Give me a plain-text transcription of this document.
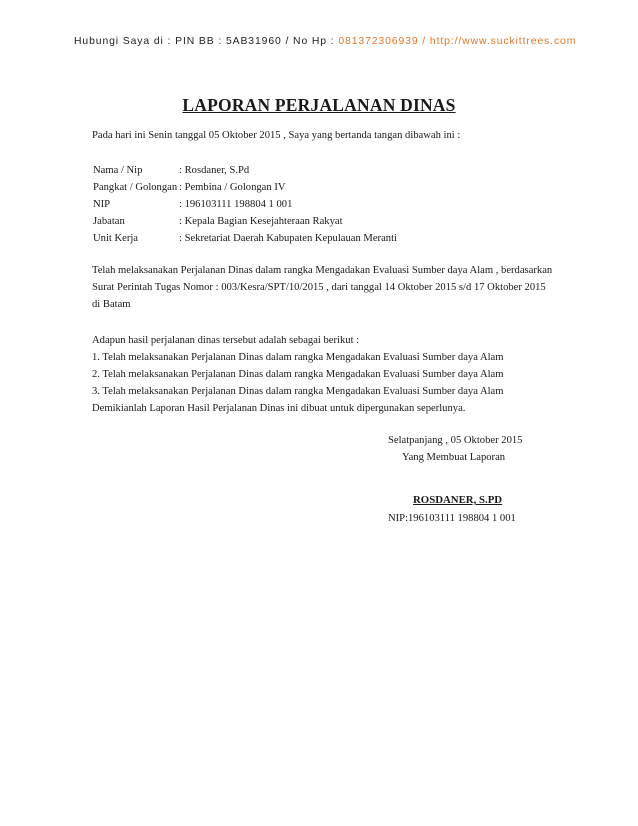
Hubungi Saya di : PIN BB : 5AB31960 / No Hp : 081372306939 / http://www.suckittrees.com
LAPORAN PERJALANAN DINAS
Pada hari ini Senin tanggal 05 Oktober 2015 , Saya yang bertanda tangan dibawah ini :
Nama / Nip	: Rosdaner, S.Pd
Pangkat / Golongan	: Pembina / Golongan IV
NIP	: 196103111 198804 1 001
Jabatan	: Kepala Bagian Kesejahteraan Rakyat
Unit Kerja	: Sekretariat Daerah Kabupaten Kepulauan Meranti
Telah melaksanakan Perjalanan Dinas dalam rangka Mengadakan Evaluasi Sumber daya Alam , berdasarkan
Surat Perintah Tugas Nomor : 003/Kesra/SPT/10/2015 , dari tanggal 14 Oktober 2015 s/d 17 Oktober 2015
di Batam
Adapun hasil perjalanan dinas tersebut adalah sebagai berikut :
1. Telah melaksanakan Perjalanan Dinas dalam rangka Mengadakan Evaluasi Sumber daya Alam
2. Telah melaksanakan Perjalanan Dinas dalam rangka Mengadakan Evaluasi Sumber daya Alam
3. Telah melaksanakan Perjalanan Dinas dalam rangka Mengadakan Evaluasi Sumber daya Alam
Demikianlah Laporan Hasil Perjalanan Dinas ini dibuat untuk dipergunakan seperlunya.
Selatpanjang , 05 Oktober 2015
Yang Membuat Laporan
ROSDANER, S.PD
NIP:196103111 198804 1 001
